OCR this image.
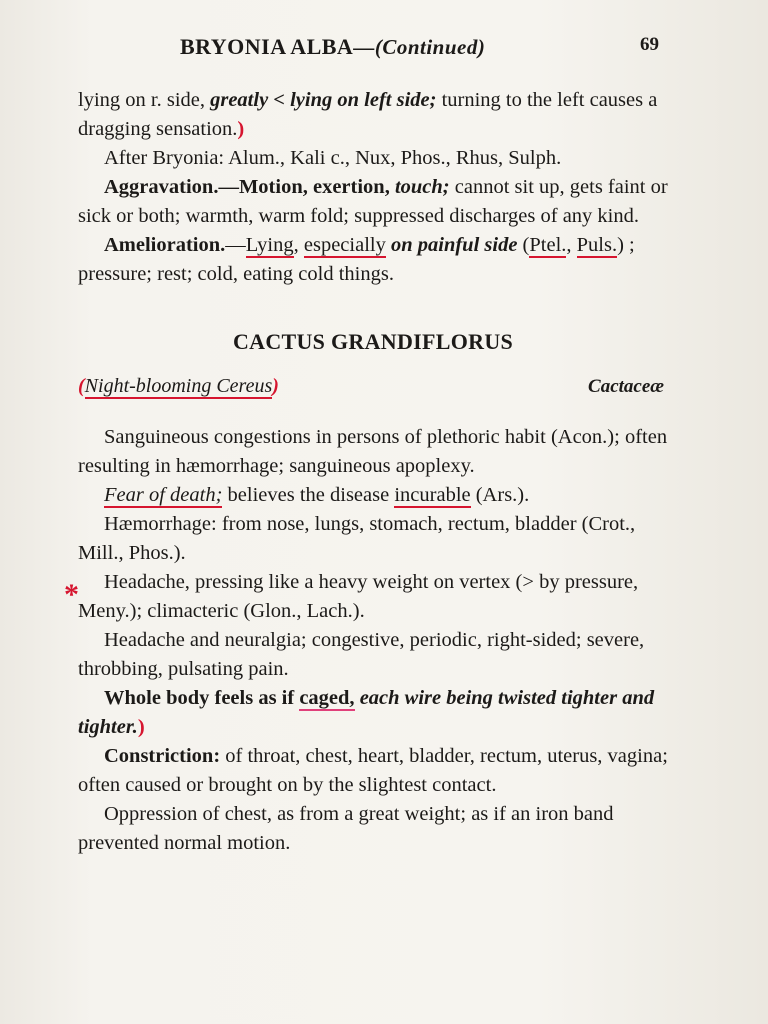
BRYONIA ALBA—(Continued)	69
*

lying on r. side, greatly < lying on left side; turning to the left causes a dragging sensation.)

After Bryonia: Alum., Kali c., Nux, Phos., Rhus, Sulph.

Aggravation.—Motion, exertion, touch; cannot sit up, gets faint or sick or both; warmth, warm fold; suppressed discharges of any kind.

Amelioration.—Lying, especially on painful side (Ptel., Puls.) ; pressure; rest; cold, eating cold things.

CACTUS GRANDIFLORUS
(Night-blooming Cereus)	Cactaceæ

Sanguineous congestions in persons of plethoric habit (Acon.); often resulting in hæmorrhage; sanguineous apoplexy.

Fear of death; believes the disease incurable (Ars.).

Hæmorrhage: from nose, lungs, stomach, rectum, bladder (Crot., Mill., Phos.).

Headache, pressing like a heavy weight on vertex (> by pressure, Meny.); climacteric (Glon., Lach.).

Headache and neuralgia; congestive, periodic, right-sided; severe, throbbing, pulsating pain.

Whole body feels as if caged, each wire being twisted tighter and tighter.)

Constriction: of throat, chest, heart, bladder, rectum, uterus, vagina; often caused or brought on by the slightest contact.

Oppression of chest, as from a great weight; as if an iron band prevented normal motion.
